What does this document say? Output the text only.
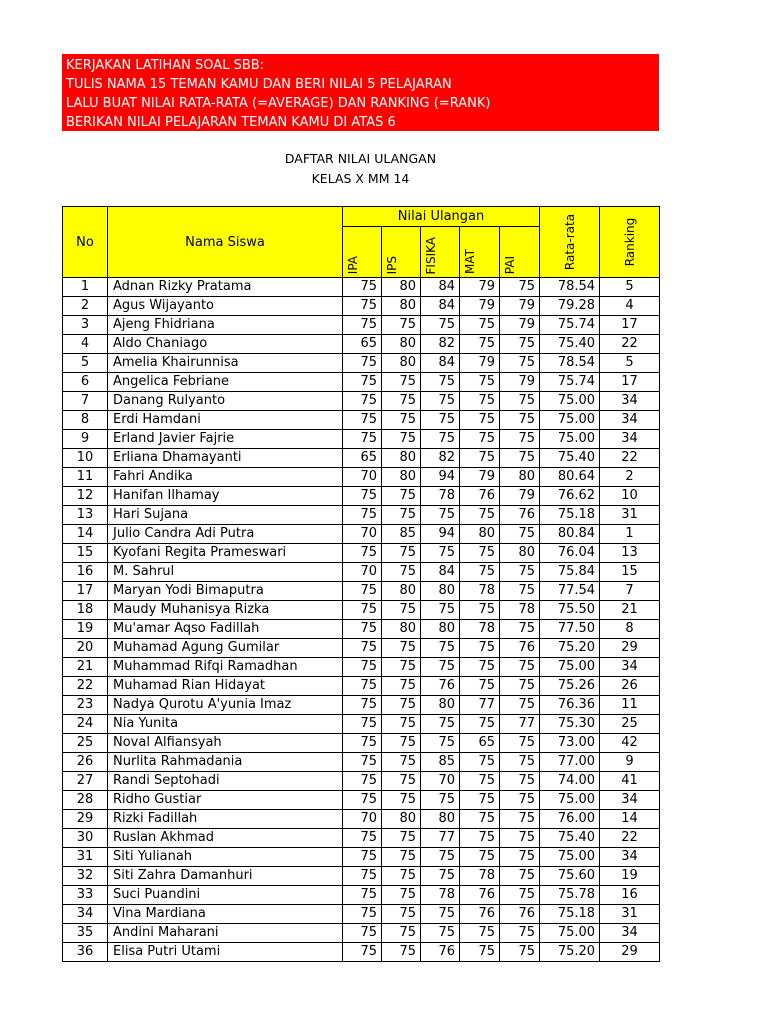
KERJAKAN LATIHAN SOAL SBB:
TULIS NAMA 15 TEMAN KAMU DAN BERI NILAI 5 PELAJARAN
LALU BUAT NILAI RATA-RATA (=AVERAGE) DAN RANKING (=RANK)
BERIKAN NILAI PELAJARAN TEMAN KAMU DI ATAS 6
DAFTAR NILAI ULANGAN
KELAS X MM 14
No	Nama Siswa	Nilai Ulangan					Rata-rata	Ranking

		IPA	IPS	FISIKA	MAT	PAI		

1	Adnan Rizky Pratama	75	80	84	79	75	78.54	5
2	Agus Wijayanto	75	80	84	79	79	79.28	4
3	Ajeng Fhidriana	75	75	75	75	79	75.74	17
4	Aldo Chaniago	65	80	82	75	75	75.40	22
5	Amelia Khairunnisa	75	80	84	79	75	78.54	5
6	Angelica Febriane	75	75	75	75	79	75.74	17
7	Danang Rulyanto	75	75	75	75	75	75.00	34
8	Erdi Hamdani	75	75	75	75	75	75.00	34
9	Erland Javier Fajrie	75	75	75	75	75	75.00	34
10	Erliana Dhamayanti	65	80	82	75	75	75.40	22
11	Fahri Andika	70	80	94	79	80	80.64	2
12	Hanifan Ilhamay	75	75	78	76	79	76.62	10
13	Hari Sujana	75	75	75	75	76	75.18	31
14	Julio Candra Adi Putra	70	85	94	80	75	80.84	1
15	Kyofani Regita Prameswari	75	75	75	75	80	76.04	13
16	M. Sahrul	70	75	84	75	75	75.84	15
17	Maryan Yodi Bimaputra	75	80	80	78	75	77.54	7
18	Maudy Muhanisya Rizka	75	75	75	75	78	75.50	21
19	Mu'amar Aqso Fadillah	75	80	80	78	75	77.50	8
20	Muhamad Agung Gumilar	75	75	75	75	76	75.20	29
21	Muhammad Rifqi Ramadhan	75	75	75	75	75	75.00	34
22	Muhamad Rian Hidayat	75	75	76	75	75	75.26	26
23	Nadya Qurotu A'yunia Imaz	75	75	80	77	75	76.36	11
24	Nia Yunita	75	75	75	75	77	75.30	25
25	Noval Alfiansyah	75	75	75	65	75	73.00	42
26	Nurlita Rahmadania	75	75	85	75	75	77.00	9
27	Randi Septohadi	75	75	70	75	75	74.00	41
28	Ridho Gustiar	75	75	75	75	75	75.00	34
29	Rizki Fadillah	70	80	80	75	75	76.00	14
30	Ruslan Akhmad	75	75	77	75	75	75.40	22
31	Siti Yulianah	75	75	75	75	75	75.00	34
32	Siti Zahra Damanhuri	75	75	75	78	75	75.60	19
33	Suci Puandini	75	75	78	76	75	75.78	16
34	Vina Mardiana	75	75	75	76	76	75.18	31
35	Andini Maharani	75	75	75	75	75	75.00	34
36	Elisa Putri Utami	75	75	76	75	75	75.20	29
